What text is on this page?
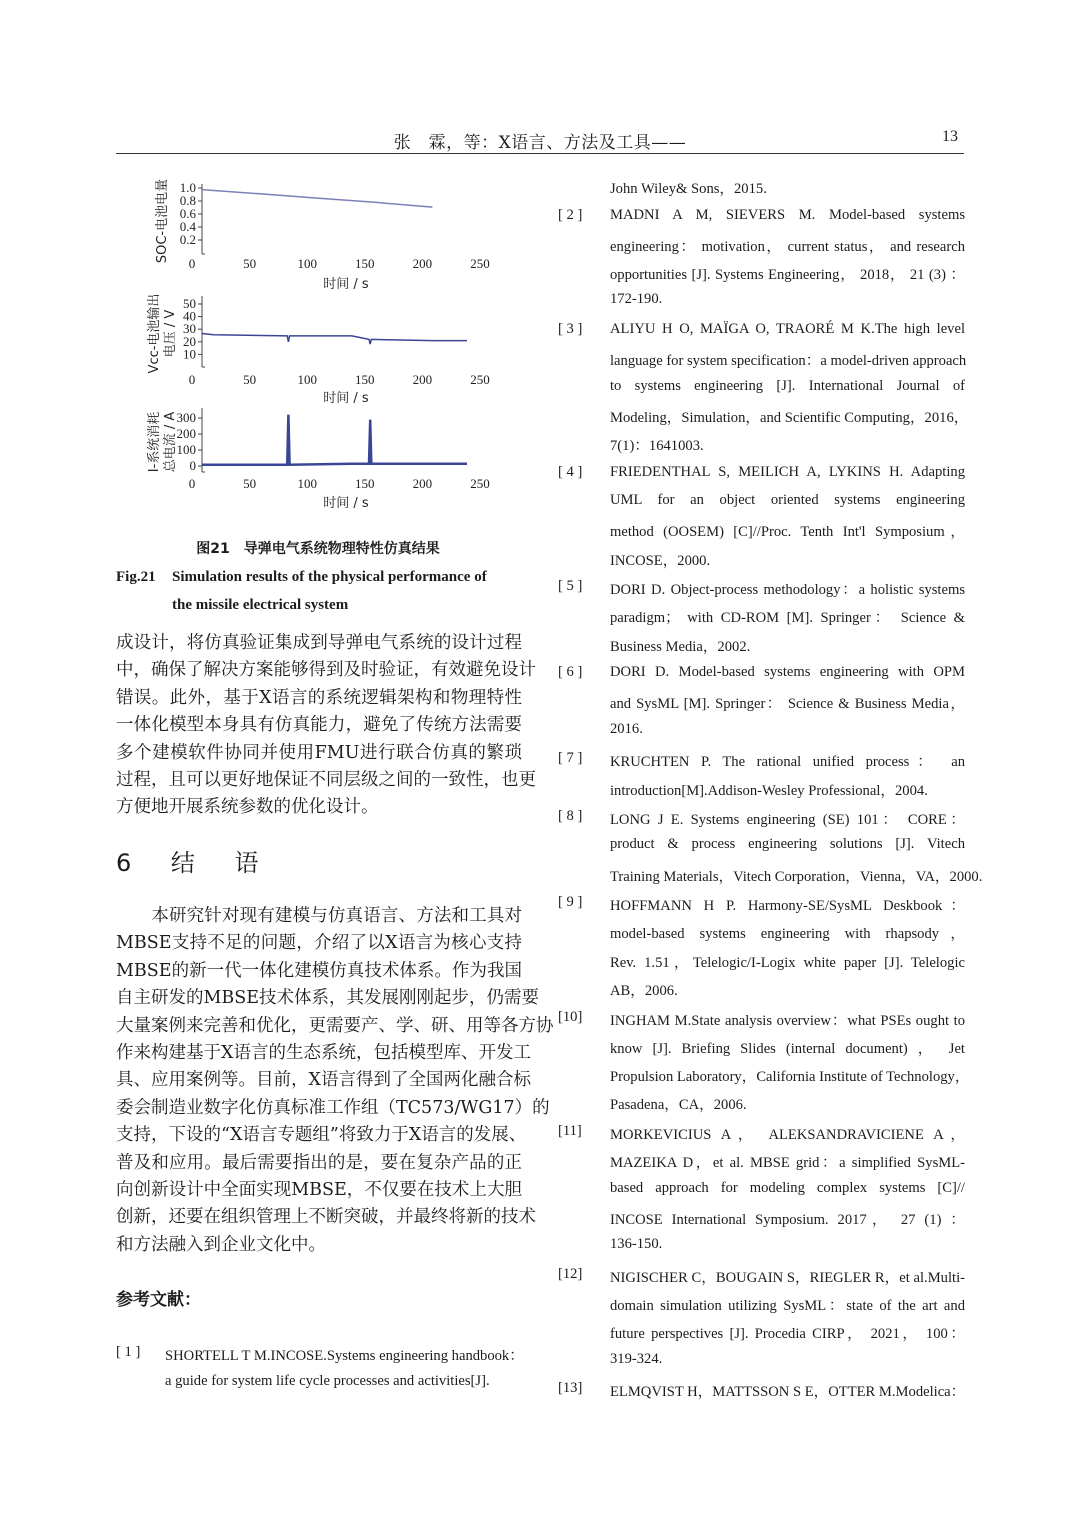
张　霖，等：X语言、方法及工具——	13
1.0
0.8
0.6
0.4
0.2
0	50	100	150	200	250
时间 / s
SOC-电池电量
50
40
30
20
10
0	50	100	150	200	250
时间 / s
Vcc-电池输出 电压 / V
300
200
100
0
0	50	100	150	200	250
时间 / s
I-系统消耗 总电流 / A
图21　导弹电气系统物理特性仿真结果
Fig.21 Simulation results of the physical performance of
the missile electrical system
成设计，将仿真验证集成到导弹电气系统的设计过程
中，确保了解决方案能够得到及时验证，有效避免设计
错误。此外，基于X语言的系统逻辑架构和物理特性
一体化模型本身具有仿真能力，避免了传统方法需要
多个建模软件协同并使用FMU进行联合仿真的繁琐
过程，且可以更好地保证不同层级之间的一致性，也更
方便地开展系统参数的优化设计。
6 结 语
　　本研究针对现有建模与仿真语言、方法和工具对
MBSE支持不足的问题，介绍了以X语言为核心支持
MBSE的新一代一体化建模仿真技术体系。作为我国
自主研发的MBSE技术体系，其发展刚刚起步，仍需要
大量案例来完善和优化，更需要产、学、研、用等各方协
作来构建基于X语言的生态系统，包括模型库、开发工
具、应用案例等。目前，X语言得到了全国两化融合标
委会制造业数字化仿真标准工作组（TC573/WG17）的
支持，下设的“X语言专题组”将致力于X语言的发展、
普及和应用。最后需要指出的是，要在复杂产品的正
向创新设计中全面实现MBSE，不仅要在技术上大胆
创新，还要在组织管理上不断突破，并最终将新的技术
和方法融入到企业文化中。
参考文献：
[ 1 ] SHORTELL T M.INCOSE.Systems engineering handbook：
a guide for system life cycle processes and activities[J].
John Wiley& Sons，2015.
[ 2 ] MADNI A M, SIEVERS M. Model-based systems
engineering： motivation， current status， and research
opportunities [J]. Systems Engineering， 2018， 21 (3) ：
172-190.
[ 3 ] ALIYU H O, MAÏGA O, TRAORÉ M K.The high level
language for system specification：a model-driven approach
to systems engineering [J]. International Journal of
Modeling，Simulation，and Scientific Computing，2016，
7(1)：1641003.
[ 4 ] FRIEDENTHAL S, MEILICH A, LYKINS H. Adapting
UML for an object oriented systems engineering
method (OOSEM) [C]//Proc. Tenth Int'l Symposium，
INCOSE，2000.
[ 5 ] DORI D. Object-process methodology：a holistic systems
paradigm； with CD-ROM [M]. Springer： Science &
Business Media，2002.
[ 6 ] DORI D. Model-based systems engineering with OPM
and SysML [M]. Springer： Science & Business Media，
2016.
[ 7 ] KRUCHTEN P. The rational unified process： an
introduction[M].Addison-Wesley Professional，2004.
[ 8 ] LONG J E. Systems engineering (SE) 101： CORE：
product & process engineering solutions [J]. Vitech
Training Materials，Vitech Corporation，Vienna，VA，2000.
[ 9 ] HOFFMANN H P. Harmony-SE/SysML Deskbook：
model-based systems engineering with rhapsody，
Rev. 1.51，Telelogic/I-Logix white paper [J]. Telelogic
AB，2006.
[10] INGHAM M.State analysis overview：what PSEs ought to
know [J]. Briefing Slides (internal document) ， Jet
Propulsion Laboratory，California Institute of Technology，
Pasadena，CA，2006.
[11] MORKEVICIUS A， ALEKSANDRAVICIENE A，
MAZEIKA D，et al. MBSE grid：a simplified SysML-
based approach for modeling complex systems [C]//
INCOSE International Symposium. 2017， 27 (1) ：
136-150.
[12] NIGISCHER C，BOUGAIN S，RIEGLER R，et al.Multi-
domain simulation utilizing SysML：state of the art and
future perspectives [J]. Procedia CIRP， 2021， 100：
319-324.
[13] ELMQVIST H，MATTSSON S E，OTTER M.Modelica：
